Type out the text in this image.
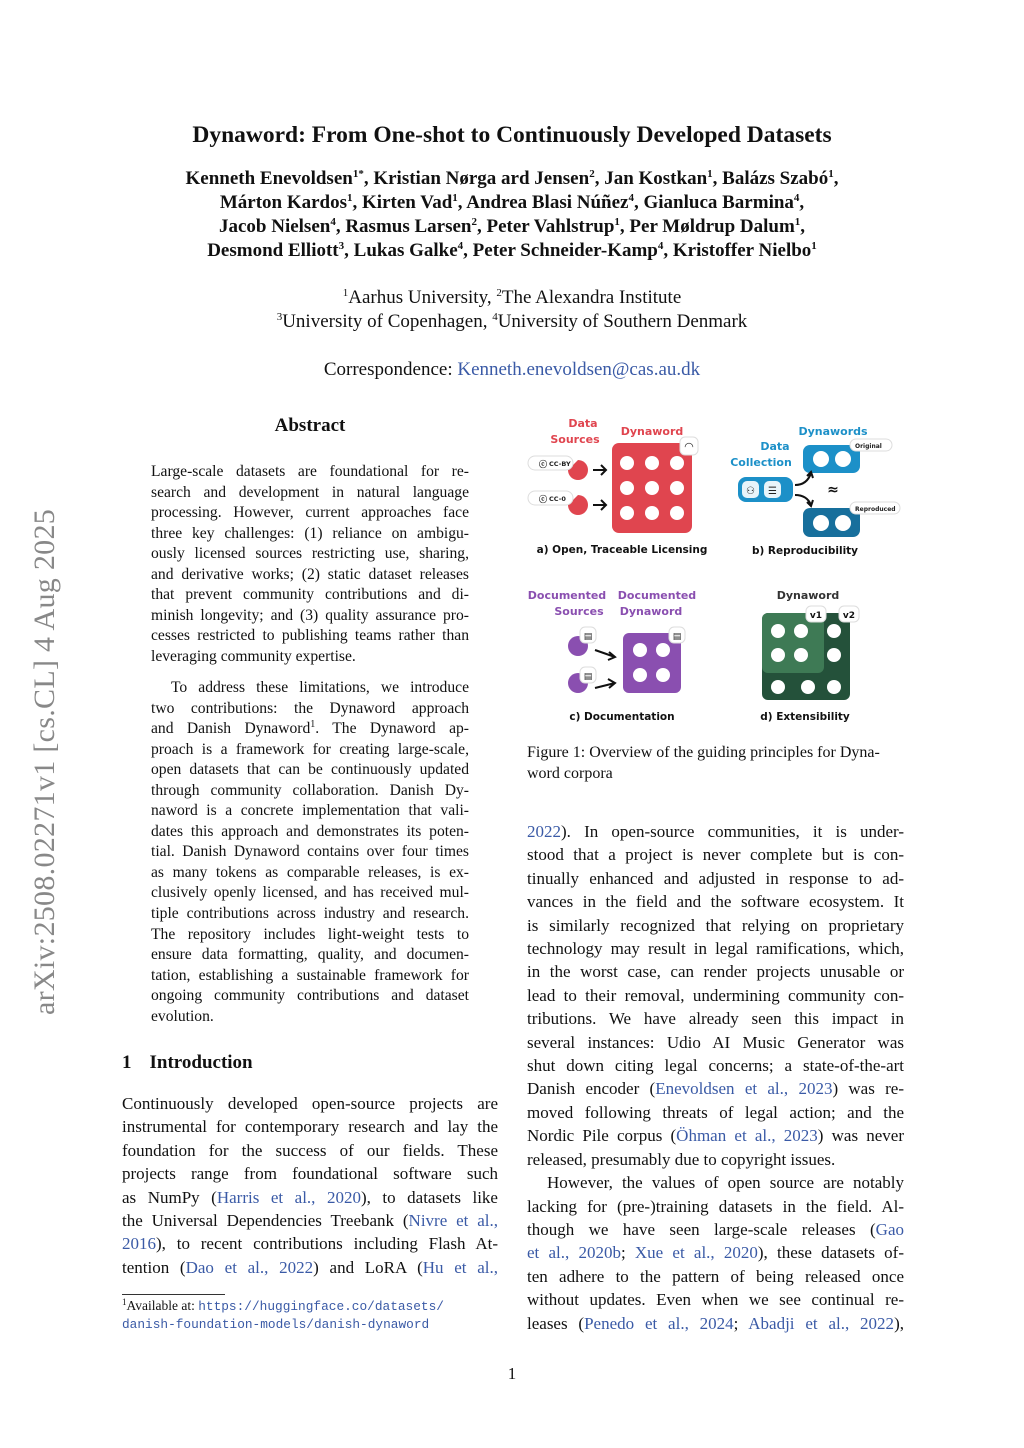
arXiv:2508.02271v1 [cs.CL] 4 Aug 2025
Dynaword: From One-shot to Continuously Developed Datasets
Kenneth Enevoldsen$^{1*}$, Kristian Nørga ard Jensen$^2$, Jan Kostkan$^1$, Balázs Szabó$^1$,
Márton Kardos$^1$, Kirten Vad$^1$, Andrea Blasi Núñez$^4$, Gianluca Barmina$^4$,
Jacob Nielsen$^4$, Rasmus Larsen$^2$, Peter Vahlstrup$^1$, Per Møldrup Dalum$^1$,
Desmond Elliott$^3$, Lukas Galke$^4$, Peter Schneider-Kamp$^4$, Kristoffer Nielbo$^1$
$^1$Aarhus University, $^2$The Alexandra Institute
$^3$University of Copenhagen, $^4$University of Southern Denmark
Correspondence: Kenneth.enevoldsen@cas.au.dk
Abstract
Large-scale datasets are foundational for re-
search and development in natural language
processing. However, current approaches face
three key challenges: (1) reliance on ambigu-
ously licensed sources restricting use, sharing,
and derivative works; (2) static dataset releases
that prevent community contributions and di-
minish longevity; and (3) quality assurance pro-
cesses restricted to publishing teams rather than
leveraging community expertise.
To address these limitations, we introduce
two contributions: the Dynaword approach
and Danish Dynaword$^1$. The Dynaword ap-
proach is a framework for creating large-scale,
open datasets that can be continuously updated
through community collaboration. Danish Dy-
naword is a concrete implementation that vali-
dates this approach and demonstrates its poten-
tial. Danish Dynaword contains over four times
as many tokens as comparable releases, is ex-
clusively openly licensed, and has received mul-
tiple contributions across industry and research.
The repository includes light-weight tests to
ensure data formatting, quality, and documen-
tation, establishing a sustainable framework for
ongoing community contributions and dataset
evolution.
1 Introduction
Continuously developed open-source projects are
instrumental for contemporary research and lay the
foundation for the success of our fields. These
projects range from foundational software such
as NumPy (Harris et al., 2020), to datasets like
the Universal Dependencies Treebank (Nivre et al.,
2016), to recent contributions including Flash At-
tention (Dao et al., 2022) and LoRA (Hu et al.,
$^1$Available at: https://huggingface.co/datasets/
danish-foundation-models/danish-dynaword
Data
Sources
Dynaword
◠
ⓒ CC-BY
ⓒ CC-0
a) Open, Traceable Licensing
Dynawords
Data
Collection
Original
Reproduced
⚇ ☰	≈
b) Reproducibility
Documented
Sources
Documented
Dynaword
▤
▤
▤
c) Documentation
Dynaword
v1 v2
d) Extensibility
Figure 1: Overview of the guiding principles for Dyna-
word corpora
2022). In open-source communities, it is under-
stood that a project is never complete but is con-
tinually enhanced and adjusted in response to ad-
vances in the field and the software ecosystem. It
is similarly recognized that relying on proprietary
technology may result in legal ramifications, which,
in the worst case, can render projects unusable or
lead to their removal, undermining community con-
tributions. We have already seen this impact in
several instances: Udio AI Music Generator was
shut down citing legal concerns; a state-of-the-art
Danish encoder (Enevoldsen et al., 2023) was re-
moved following threats of legal action; and the
Nordic Pile corpus (Öhman et al., 2023) was never
released, presumably due to copyright issues.
However, the values of open source are notably
lacking for (pre-)training datasets in the field. Al-
though we have seen large-scale releases (Gao
et al., 2020b; Xue et al., 2020), these datasets of-
ten adhere to the pattern of being released once
without updates. Even when we see continual re-
leases (Penedo et al., 2024; Abadji et al., 2022),
1
